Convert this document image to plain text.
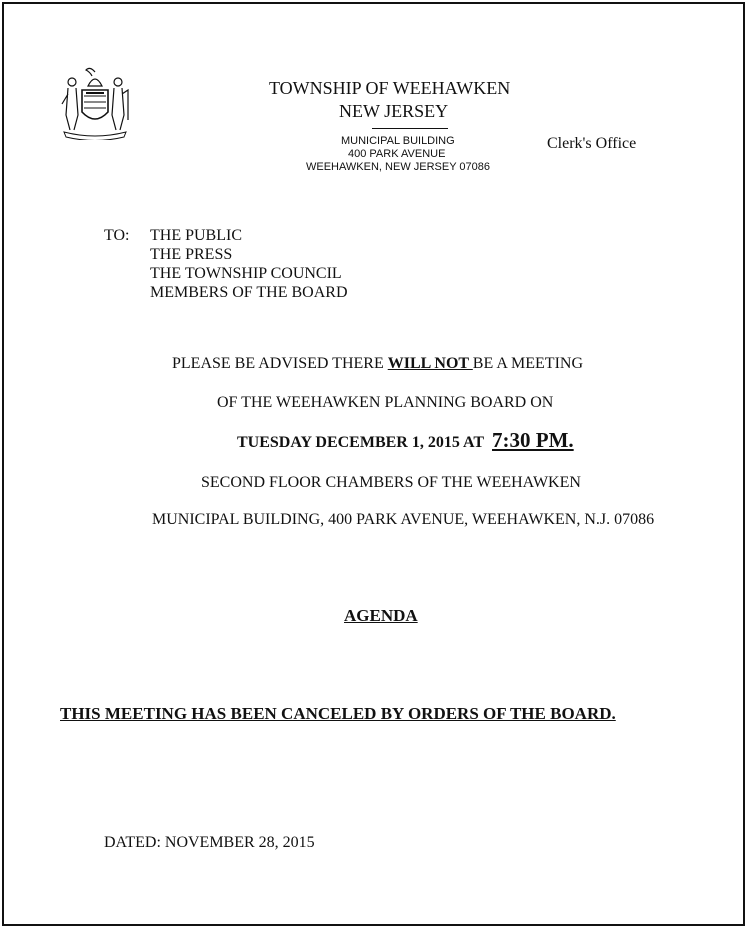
TOWNSHIP OF WEEHAWKEN
NEW JERSEY
MUNICIPAL BUILDING
400 PARK AVENUE
WEEHAWKEN, NEW JERSEY 07086
Clerk's Office
TO: THE PUBLIC
THE PRESS
THE TOWNSHIP COUNCIL
MEMBERS OF THE BOARD
PLEASE BE ADVISED THERE WILL NOT BE A MEETING
OF THE WEEHAWKEN PLANNING BOARD ON
TUESDAY DECEMBER 1, 2015 AT 7:30 PM.
SECOND FLOOR CHAMBERS OF THE WEEHAWKEN
MUNICIPAL BUILDING, 400 PARK AVENUE, WEEHAWKEN, N.J. 07086
AGENDA
THIS MEETING HAS BEEN CANCELED BY ORDERS OF THE BOARD.
DATED: NOVEMBER 28, 2015
